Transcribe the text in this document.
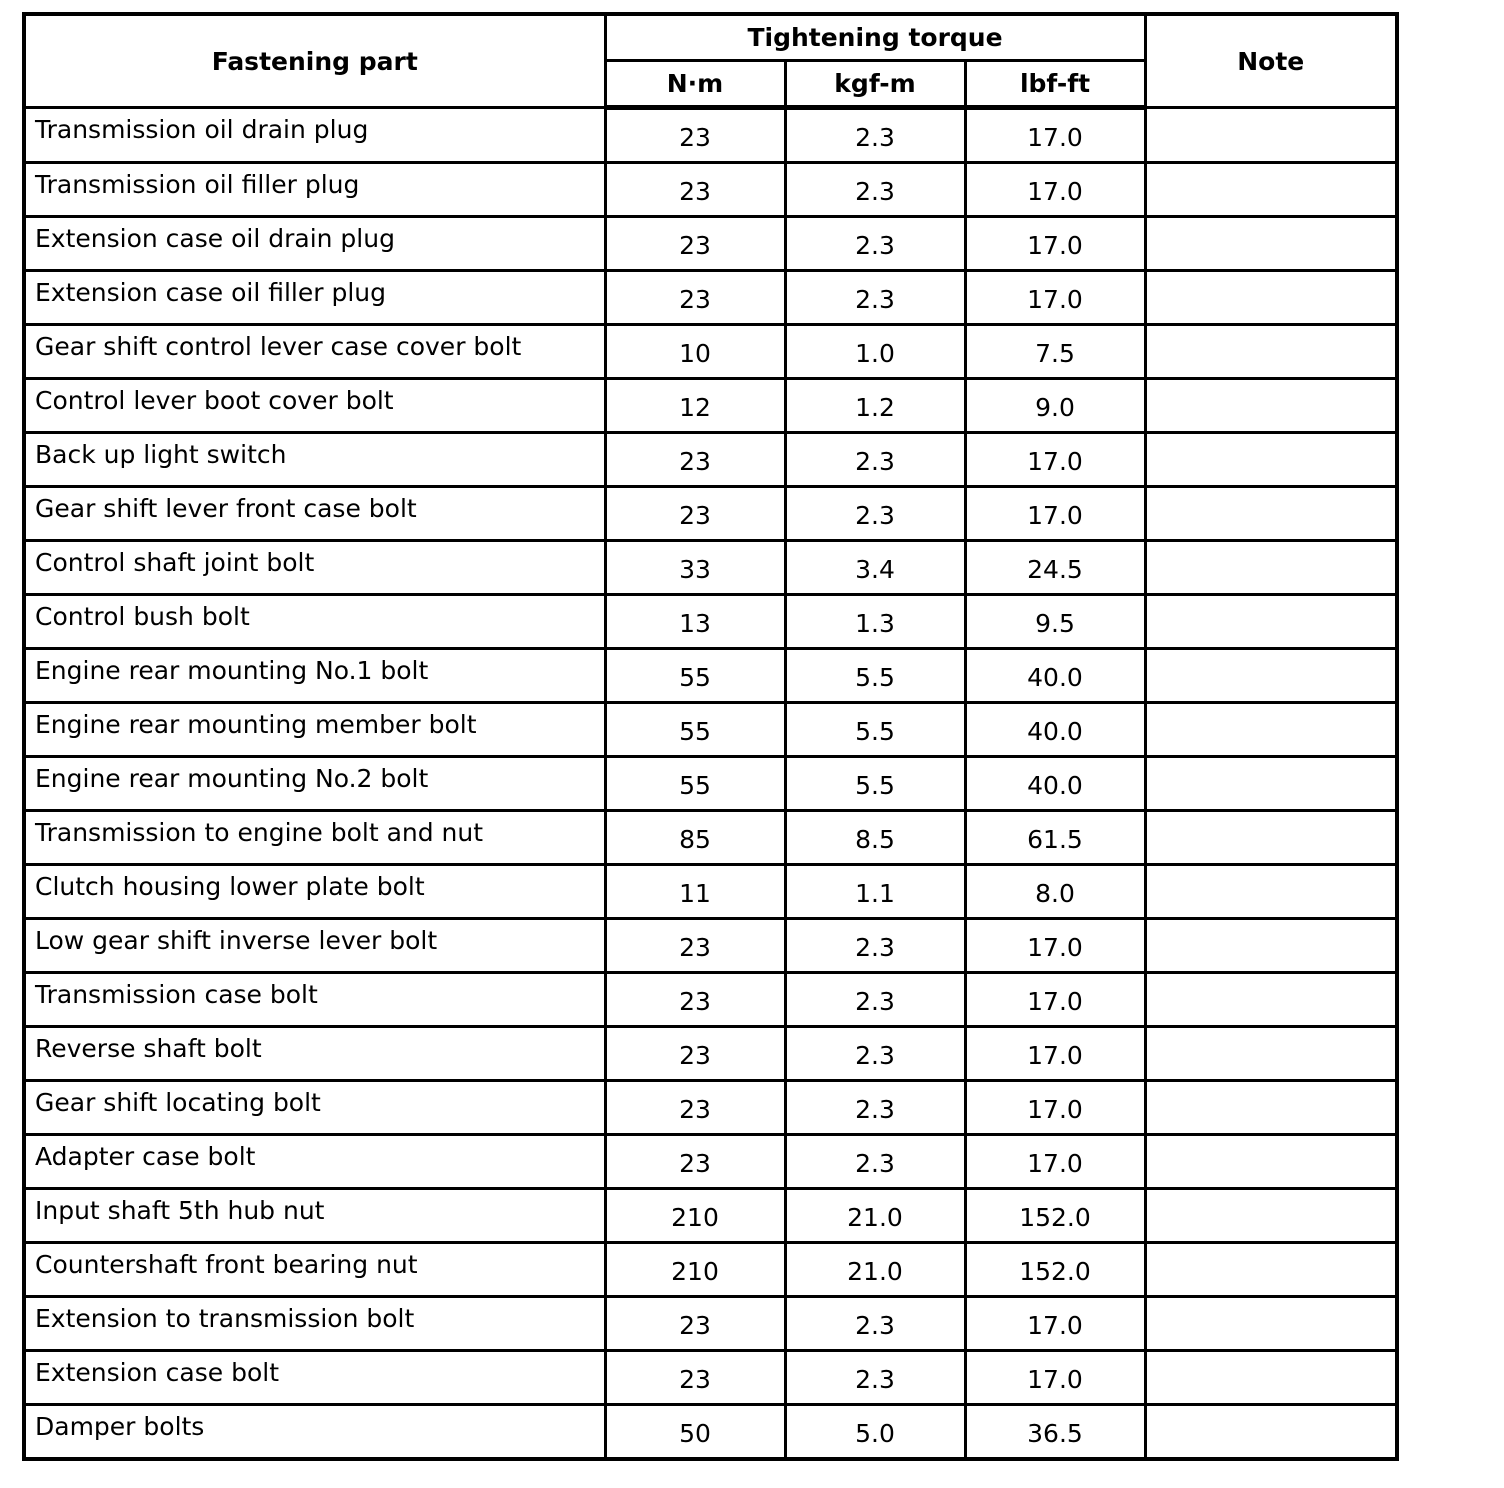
Fastening part	Tightening torque			Note
	N·m	kgf-m	lbf-ft	
Transmission oil drain plug	23	2.3	17.0	
Transmission oil filler plug	23	2.3	17.0	
Extension case oil drain plug	23	2.3	17.0	
Extension case oil filler plug	23	2.3	17.0	
Gear shift control lever case cover bolt	10	1.0	7.5	
Control lever boot cover bolt	12	1.2	9.0	
Back up light switch	23	2.3	17.0	
Gear shift lever front case bolt	23	2.3	17.0	
Control shaft joint bolt	33	3.4	24.5	
Control bush bolt	13	1.3	9.5	
Engine rear mounting No.1 bolt	55	5.5	40.0	
Engine rear mounting member bolt	55	5.5	40.0	
Engine rear mounting No.2 bolt	55	5.5	40.0	
Transmission to engine bolt and nut	85	8.5	61.5	
Clutch housing lower plate bolt	11	1.1	8.0	
Low gear shift inverse lever bolt	23	2.3	17.0	
Transmission case bolt	23	2.3	17.0	
Reverse shaft bolt	23	2.3	17.0	
Gear shift locating bolt	23	2.3	17.0	
Adapter case bolt	23	2.3	17.0	
Input shaft 5th hub nut	210	21.0	152.0	
Countershaft front bearing nut	210	21.0	152.0	
Extension to transmission bolt	23	2.3	17.0	
Extension case bolt	23	2.3	17.0	
Damper bolts	50	5.0	36.5	
